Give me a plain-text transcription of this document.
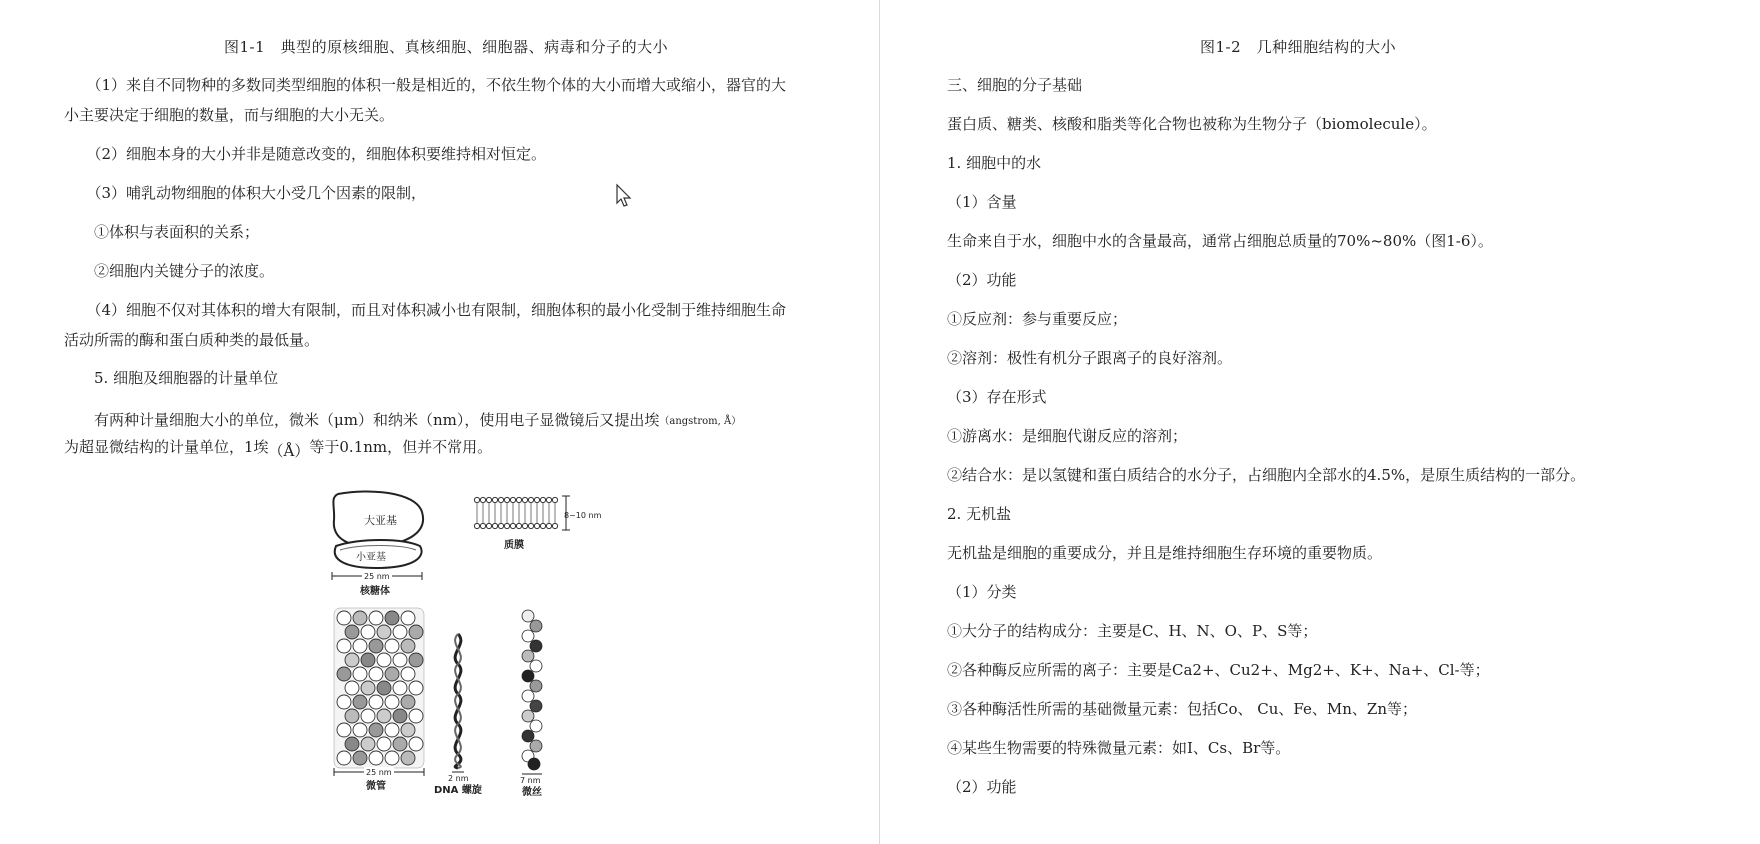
图1-1　典型的原核细胞、真核细胞、细胞器、病毒和分子的大小
　　（1）来自不同物种的多数同类型细胞的体积一般是相近的，不依生物个体的大小而增大或缩小，器官的大
小主要决定于细胞的数量，而与细胞的大小无关。
　　（2）细胞本身的大小并非是随意改变的，细胞体积要维持相对恒定。
　　（3）哺乳动物细胞的体积大小受几个因素的限制，
　　①体积与表面积的关系；
　　②细胞内关键分子的浓度。
　　（4）细胞不仅对其体积的增大有限制，而且对体积减小也有限制，细胞体积的最小化受制于维持细胞生命
活动所需的酶和蛋白质种类的最低量。
　　5. 细胞及细胞器的计量单位
　　有两种计量细胞大小的单位，微米（μm）和纳米（nm），使用电子显微镜后又提出埃（angstrom, Å）
为超显微结构的计量单位，1埃（Å）等于0.1nm，但并不常用。
大亚基
小亚基
25 nm
核糖体
8~10 nm
质膜
25 nm
微管
2 nm
DNA 螺旋
7 nm
微丝
图1-2　几种细胞结构的大小
三、细胞的分子基础
蛋白质、糖类、核酸和脂类等化合物也被称为生物分子（biomolecule）。
1. 细胞中的水
（1）含量
生命来自于水，细胞中水的含量最高，通常占细胞总质量的70%~80%（图1-6）。
（2）功能
①反应剂：参与重要反应；
②溶剂：极性有机分子跟离子的良好溶剂。
（3）存在形式
①游离水：是细胞代谢反应的溶剂；
②结合水：是以氢键和蛋白质结合的水分子，占细胞内全部水的4.5%，是原生质结构的一部分。
2. 无机盐
无机盐是细胞的重要成分，并且是维持细胞生存环境的重要物质。
（1）分类
①大分子的结构成分：主要是C、H、N、O、P、S等；
②各种酶反应所需的离子：主要是Ca2+、Cu2+、Mg2+、K+、Na+、Cl-等；
③各种酶活性所需的基础微量元素：包括Co、 Cu、Fe、Mn、Zn等；
④某些生物需要的特殊微量元素：如I、Cs、Br等。
（2）功能
